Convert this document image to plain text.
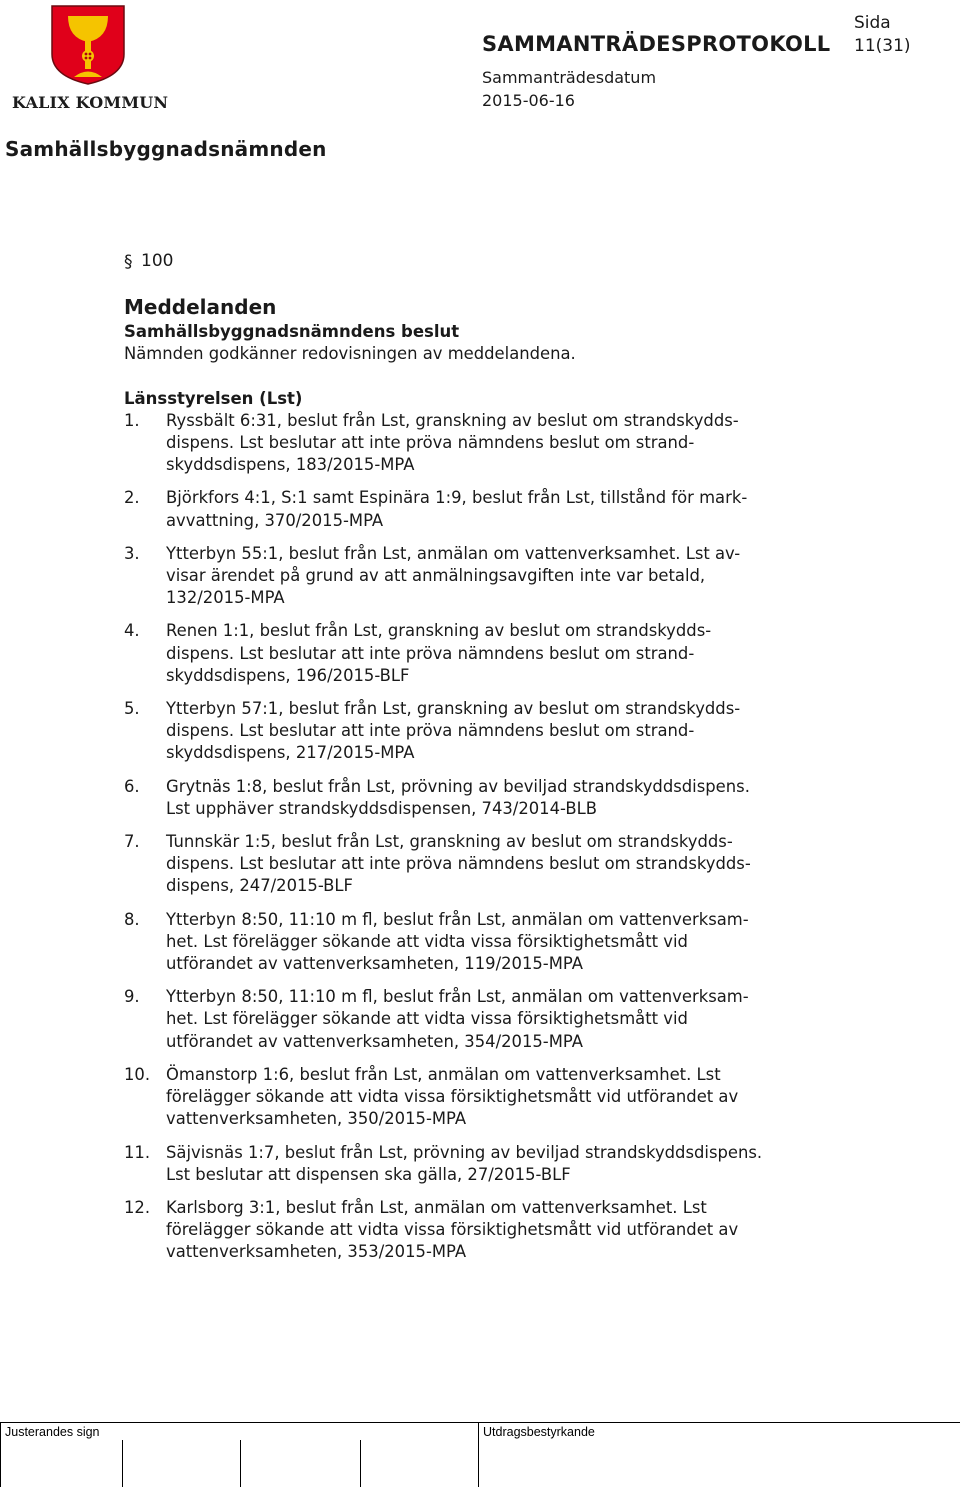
KALIX KOMMUN
SAMMANTRÄDESPROTOKOLL
Sida
11(31)
Sammanträdesdatum
2015-06-16
Samhällsbyggnadsnämnden
§ 100
Meddelanden
Samhällsbyggnadsnämndens beslut
Nämnden godkänner redovisningen av meddelandena.
Länsstyrelsen (Lst)
1.	Ryssbält 6:31, beslut från Lst, granskning av beslut om strandskydds-
dispens. Lst beslutar att inte pröva nämndens beslut om strand-
skyddsdispens, 183/2015-MPA
2.	Björkfors 4:1, S:1 samt Espinära 1:9, beslut från Lst, tillstånd för mark-
avvattning, 370/2015-MPA
3.	Ytterbyn 55:1, beslut från Lst, anmälan om vattenverksamhet. Lst av-
visar ärendet på grund av att anmälningsavgiften inte var betald,
132/2015-MPA
4.	Renen 1:1, beslut från Lst, granskning av beslut om strandskydds-
dispens. Lst beslutar att inte pröva nämndens beslut om strand-
skyddsdispens, 196/2015-BLF
5.	Ytterbyn 57:1, beslut från Lst, granskning av beslut om strandskydds-
dispens. Lst beslutar att inte pröva nämndens beslut om strand-
skyddsdispens, 217/2015-MPA
6.	Grytnäs 1:8, beslut från Lst, prövning av beviljad strandskyddsdispens.
Lst upphäver strandskyddsdispensen, 743/2014-BLB
7.	Tunnskär 1:5, beslut från Lst, granskning av beslut om strandskydds-
dispens. Lst beslutar att inte pröva nämndens beslut om strandskydds-
dispens, 247/2015-BLF
8.	Ytterbyn 8:50, 11:10 m fl, beslut från Lst, anmälan om vattenverksam-
het. Lst förelägger sökande att vidta vissa försiktighetsmått vid
utförandet av vattenverksamheten, 119/2015-MPA
9.	Ytterbyn 8:50, 11:10 m fl, beslut från Lst, anmälan om vattenverksam-
het. Lst förelägger sökande att vidta vissa försiktighetsmått vid
utförandet av vattenverksamheten, 354/2015-MPA
10. Ömanstorp 1:6, beslut från Lst, anmälan om vattenverksamhet. Lst
förelägger sökande att vidta vissa försiktighetsmått vid utförandet av
vattenverksamheten, 350/2015-MPA
11. Säjvisnäs 1:7, beslut från Lst, prövning av beviljad strandskyddsdispens.
Lst beslutar att dispensen ska gälla, 27/2015-BLF
12. Karlsborg 3:1, beslut från Lst, anmälan om vattenverksamhet. Lst
förelägger sökande att vidta vissa försiktighetsmått vid utförandet av
vattenverksamheten, 353/2015-MPA
Justerandes sign	Utdragsbestyrkande
